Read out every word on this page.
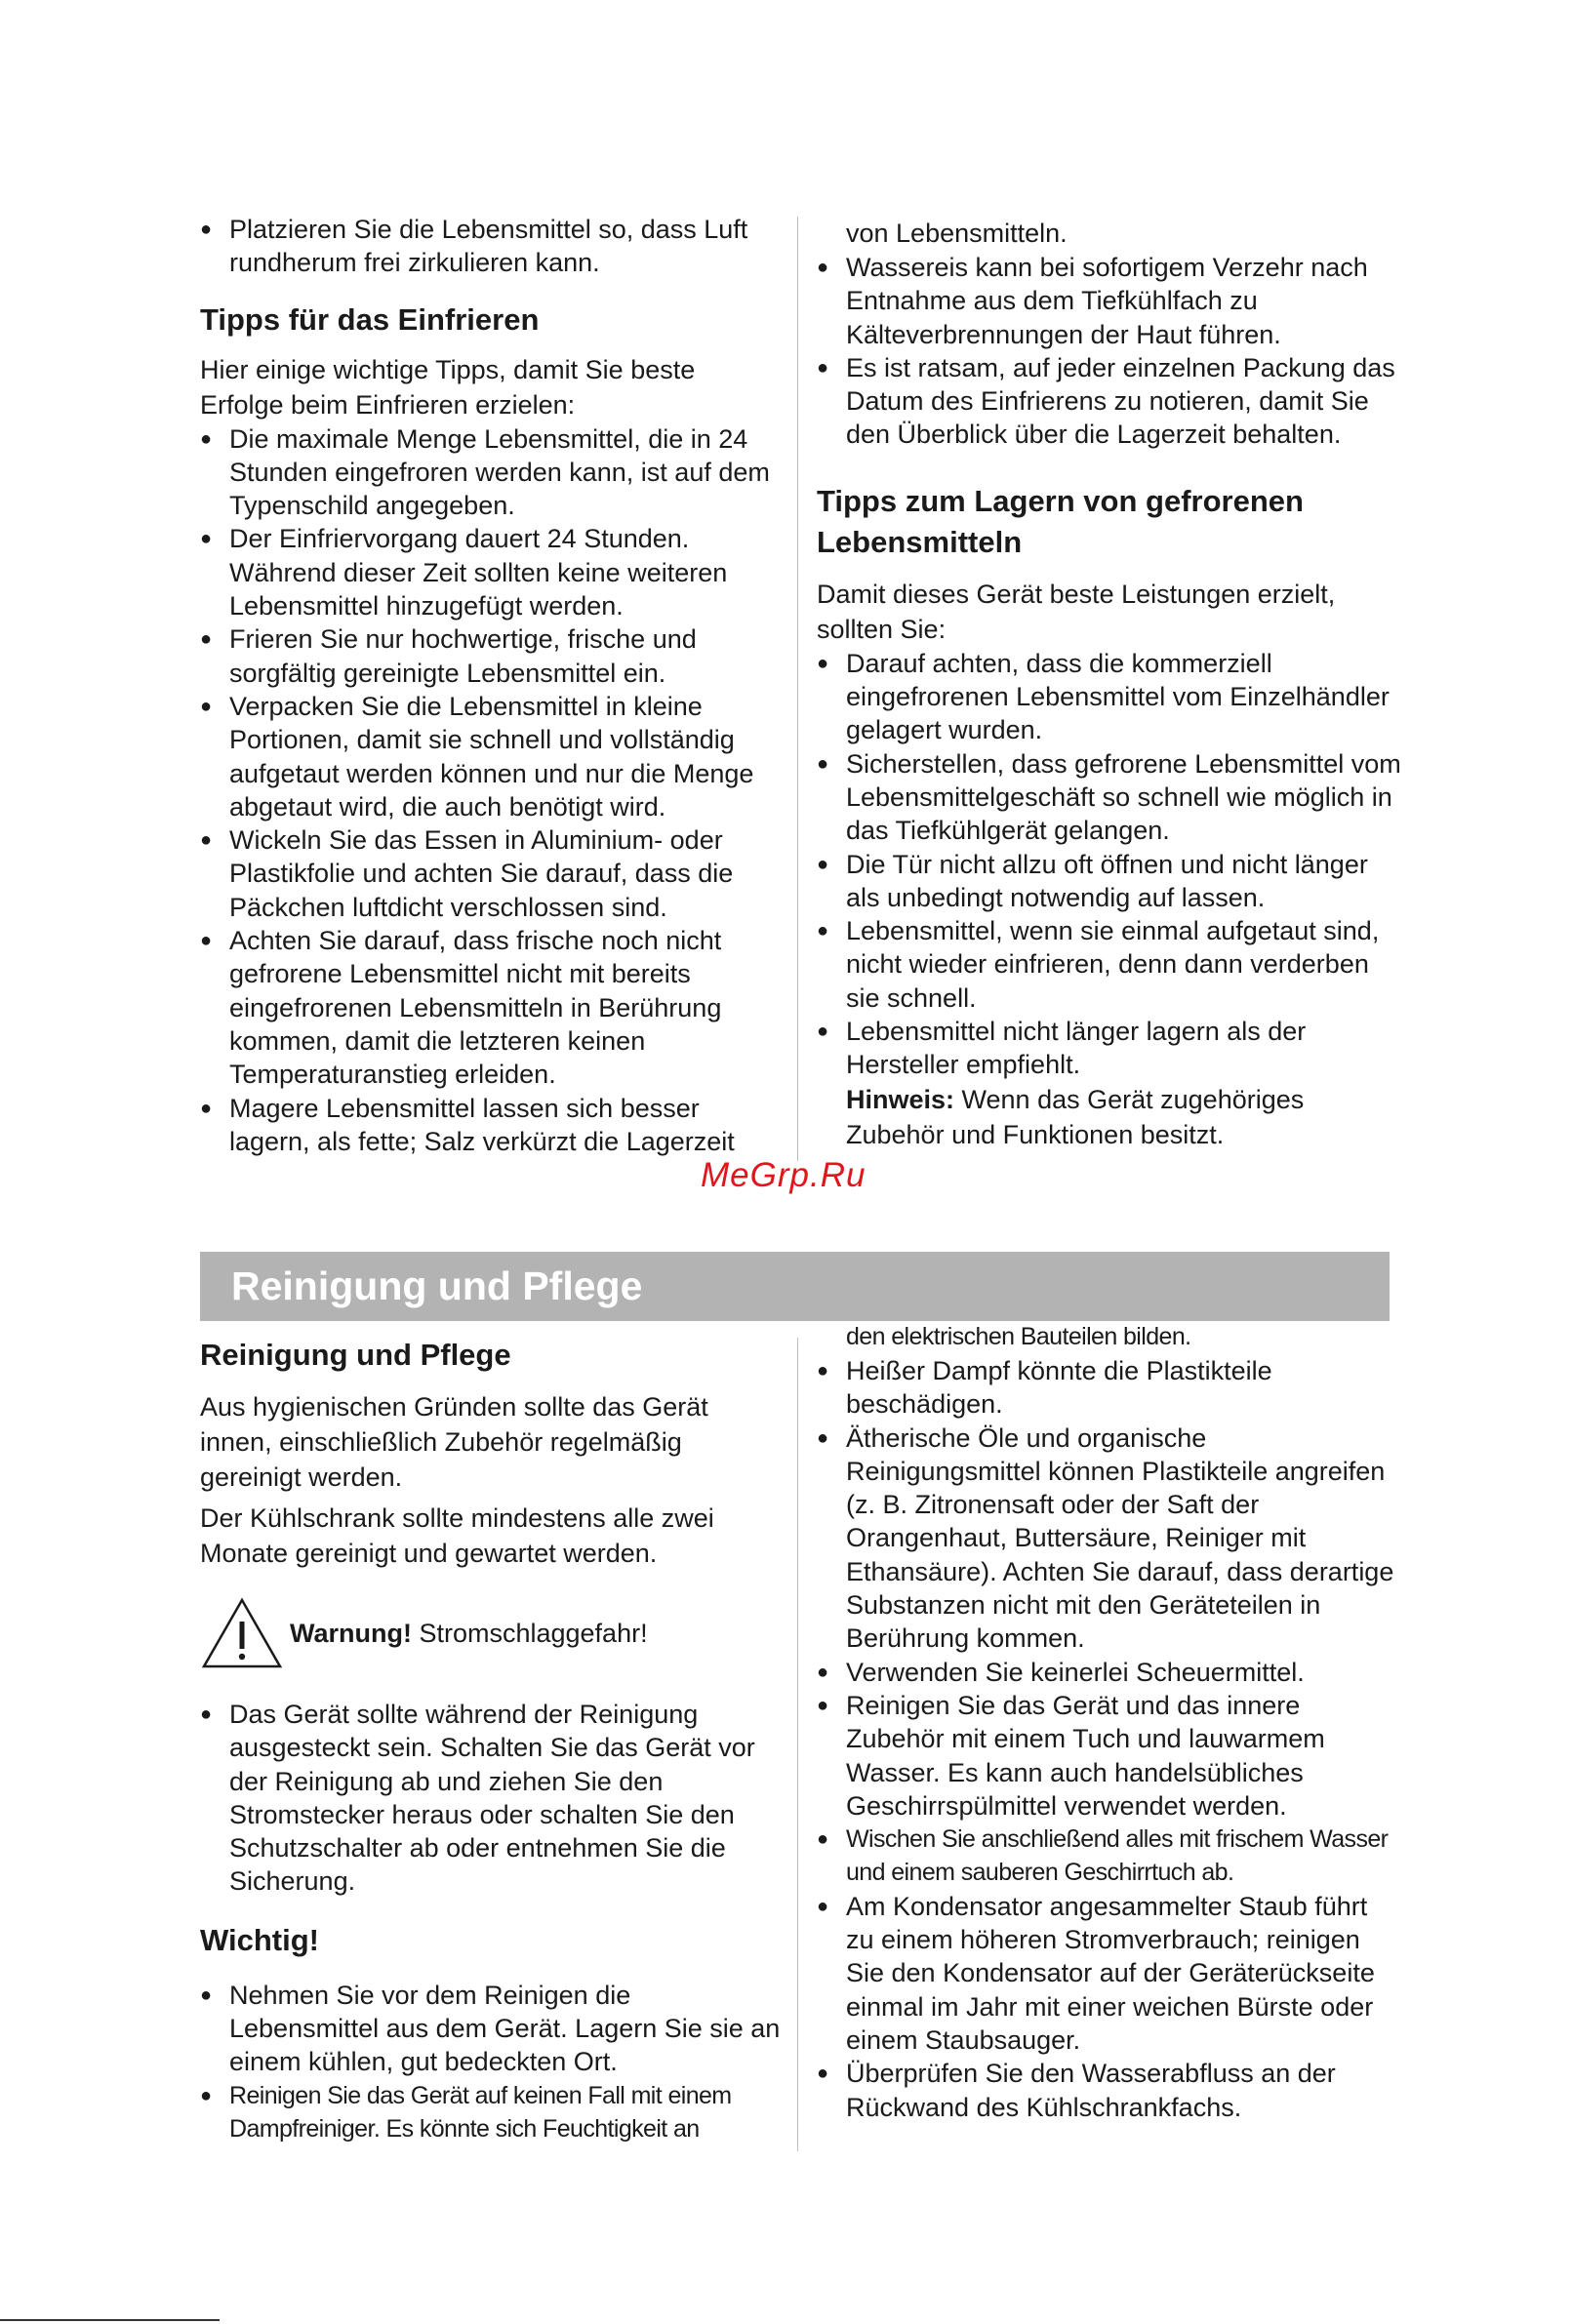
● Platzieren Sie die Lebensmittel so, dass Luft rundherum frei zirkulieren kann.
Tipps für das Einfrieren

Hier einige wichtige Tipps, damit Sie beste Erfolge beim Einfrieren erzielen:

● Die maximale Menge Lebensmittel, die in 24 Stunden eingefroren werden kann, ist auf dem Typenschild angegeben.
● Der Einfriervorgang dauert 24 Stunden. Während dieser Zeit sollten keine weiteren Lebensmittel hinzugefügt werden.
● Frieren Sie nur hochwertige, frische und sorgfältig gereinigte Lebensmittel ein.
● Verpacken Sie die Lebensmittel in kleine Portionen, damit sie schnell und vollständig aufgetaut werden können und nur die Menge abgetaut wird, die auch benötigt wird.
● Wickeln Sie das Essen in Aluminium- oder Plastikfolie und achten Sie darauf, dass die Päckchen luftdicht verschlossen sind.
● Achten Sie darauf, dass frische noch nicht gefrorene Lebensmittel nicht mit bereits eingefrorenen Lebensmitteln in Berührung kommen, damit die letzteren keinen Temperaturanstieg erleiden.
● Magere Lebensmittel lassen sich besser lagern, als fette; Salz verkürzt die Lagerzeit

von Lebensmitteln.

● Wassereis kann bei sofortigem Verzehr nach Entnahme aus dem Tiefkühlfach zu Kälteverbrennungen der Haut führen.
● Es ist ratsam, auf jeder einzelnen Packung das Datum des Einfrierens zu notieren, damit Sie den Überblick über die Lagerzeit behalten.
Tipps zum Lagern von gefrorenen Lebensmitteln

Damit dieses Gerät beste Leistungen erzielt, sollten Sie:

● Darauf achten, dass die kommerziell eingefrorenen Lebensmittel vom Einzelhändler gelagert wurden.
● Sicherstellen, dass gefrorene Lebensmittel vom Lebensmittelgeschäft so schnell wie möglich in das Tiefkühlgerät gelangen.
● Die Tür nicht allzu oft öffnen und nicht länger als unbedingt notwendig auf lassen.
● Lebensmittel, wenn sie einmal aufgetaut sind, nicht wieder einfrieren, denn dann verderben sie schnell.
● Lebensmittel nicht länger lagern als der Hersteller empfiehlt.

Hinweis: Wenn das Gerät zugehöriges Zubehör und Funktionen besitzt.

MeGrp.Ru
Reinigung und Pflege
Reinigung und Pflege

Aus hygienischen Gründen sollte das Gerät innen, einschließlich Zubehör regelmäßig gereinigt werden.

Der Kühlschrank sollte mindestens alle zwei Monate gereinigt und gewartet werden.

Warnung! Stromschlaggefahr!

● Das Gerät sollte während der Reinigung ausgesteckt sein. Schalten Sie das Gerät vor der Reinigung ab und ziehen Sie den Stromstecker heraus oder schalten Sie den Schutzschalter ab oder entnehmen Sie die Sicherung.
Wichtig!
● Nehmen Sie vor dem Reinigen die Lebensmittel aus dem Gerät. Lagern Sie sie an einem kühlen, gut bedeckten Ort.
● Reinigen Sie das Gerät auf keinen Fall mit einem Dampfreiniger. Es könnte sich Feuchtigkeit an

den elektrischen Bauteilen bilden.

● Heißer Dampf könnte die Plastikteile beschädigen.
● Ätherische Öle und organische Reinigungsmittel können Plastikteile angreifen (z. B. Zitronensaft oder der Saft der Orangenhaut, Buttersäure, Reiniger mit Ethansäure). Achten Sie darauf, dass derartige Substanzen nicht mit den Geräteteilen in Berührung kommen.
● Verwenden Sie keinerlei Scheuermittel.
● Reinigen Sie das Gerät und das innere Zubehör mit einem Tuch und lauwarmem Wasser. Es kann auch handelsübliches Geschirrspülmittel verwendet werden.
● Wischen Sie anschließend alles mit frischem Wasser und einem sauberen Geschirrtuch ab.
● Am Kondensator angesammelter Staub führt zu einem höheren Stromverbrauch; reinigen Sie den Kondensator auf der Geräterückseite einmal im Jahr mit einer weichen Bürste oder einem Staubsauger.
● Überprüfen Sie den Wasserabfluss an der Rückwand des Kühlschrankfachs.
